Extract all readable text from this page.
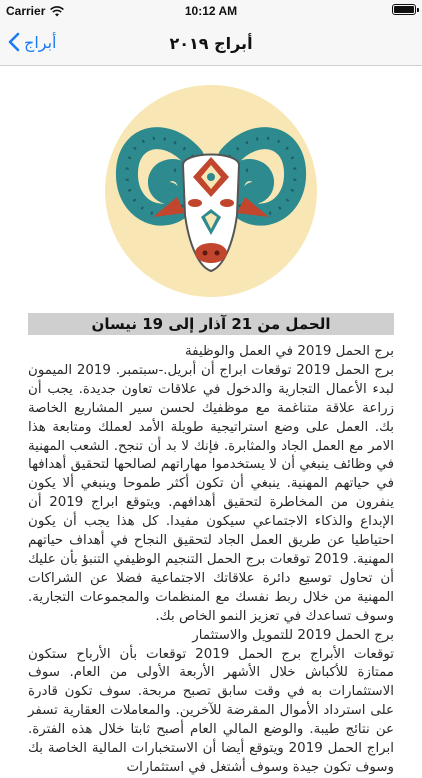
Carrier	10:12 AM
أبراج	أبراج ٢٠١٩
الحمل من 21 آذار إلى 19 نيسان

برج الحمل 2019 في العمل والوظيفة

برج الحمل 2019 توقعات ابراج أن أبريل.-سبتمبر. 2019 الميمون لبدء الأعمال التجارية والدخول في علاقات تعاون جديدة. يجب أن زراعة علاقة متناغمة مع موظفيك لحسن سير المشاريع الخاصة بك. العمل على وضع استراتيجية طويلة الأمد لعملك ومتابعة هذا الامر مع العمل الجاد والمثابرة. فإنك لا بد أن تنجح. الشعب المهنية في وظائف ينبغي أن لا يستخدموا مهاراتهم لصالحها لتحقيق أهدافها في حياتهم المهنية. ينبغي أن تكون أكثر طموحا وينبغي ألا يكون ينفرون من المخاطرة لتحقيق أهدافهم. ويتوقع ابراج 2019 أن الإبداع والذكاء الاجتماعي سيكون مفيدا. كل هذا يجب أن يكون احتياطيا عن طريق العمل الجاد لتحقيق النجاح في أهداف حياتهم المهنية. 2019 توقعات برج الحمل التنجيم الوظيفي التنبؤ بأن عليك أن تحاول توسيع دائرة علاقاتك الاجتماعية فضلا عن الشراكات المهنية من خلال ربط نفسك مع المنظمات والمجموعات التجارية. وسوف تساعدك في تعزيز النمو الخاص بك.

برج الحمل 2019 للتمويل والاستثمار

توقعات الأبراج برج الحمل 2019 توقعات بأن الأرباح ستكون ممتازة للأكباش خلال الأشهر الأربعة الأولى من العام. سوف الاستثمارات به في وقت سابق تصبح مربحة. سوف تكون قادرة على استرداد الأموال المقرضة للآخرين. والمعاملات العقارية تسفر عن نتائج طيبة. والوضع المالي العام أصبح ثابتا خلال هذه الفترة. ابراج الحمل 2019 ويتوقع أيضا أن الاستخبارات المالية الخاصة بك وسوف تكون جيدة وسوف أشتغل في استثمارات
